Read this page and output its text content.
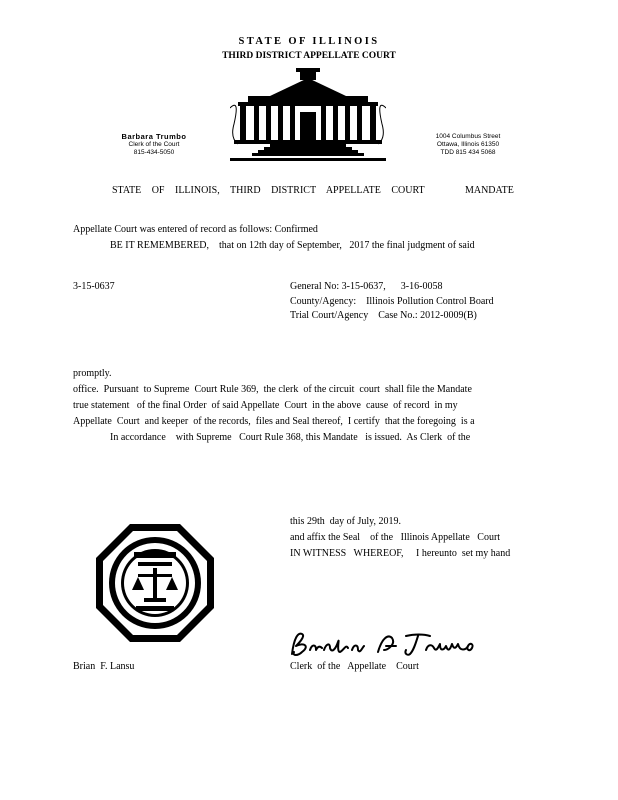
STATE OF ILLINOIS
THIRD DISTRICT APPELLATE COURT
Barbara Trumbo
Clerk of the Court
815-434-5050
1004 Columbus Street
Ottawa, Illinois 61350
TDD 815 434 5068
STATE OF ILLINOIS, THIRD DISTRICT APPELLATE COURT	MANDATE
Appellate Court was entered of record as follows: Confirmed
BE IT REMEMBERED,    that on 12th day of September,   2017 the final judgment of said
3-15-0637	General No: 3-15-0637,      3-16-0058
County/Agency:    Illinois Pollution Control Board
Trial Court/Agency    Case No.: 2012-0009(B)
promptly.
office.  Pursuant  to Supreme  Court Rule 369,  the clerk  of the circuit  court  shall file the Mandate
true statement   of the final Order  of said Appellate  Court  in the above  cause  of record  in my
Appellate  Court  and keeper  of the records,  files and Seal thereof,  I certify  that the foregoing  is a
In accordance    with Supreme   Court Rule 368, this Mandate   is issued.  As Clerk  of the
this 29th  day of July, 2019.
and affix the Seal    of the   Illinois Appellate   Court
IN WITNESS   WHEREOF,     I hereunto  set my hand
Brian  F. Lansu	Clerk  of the   Appellate    Court
